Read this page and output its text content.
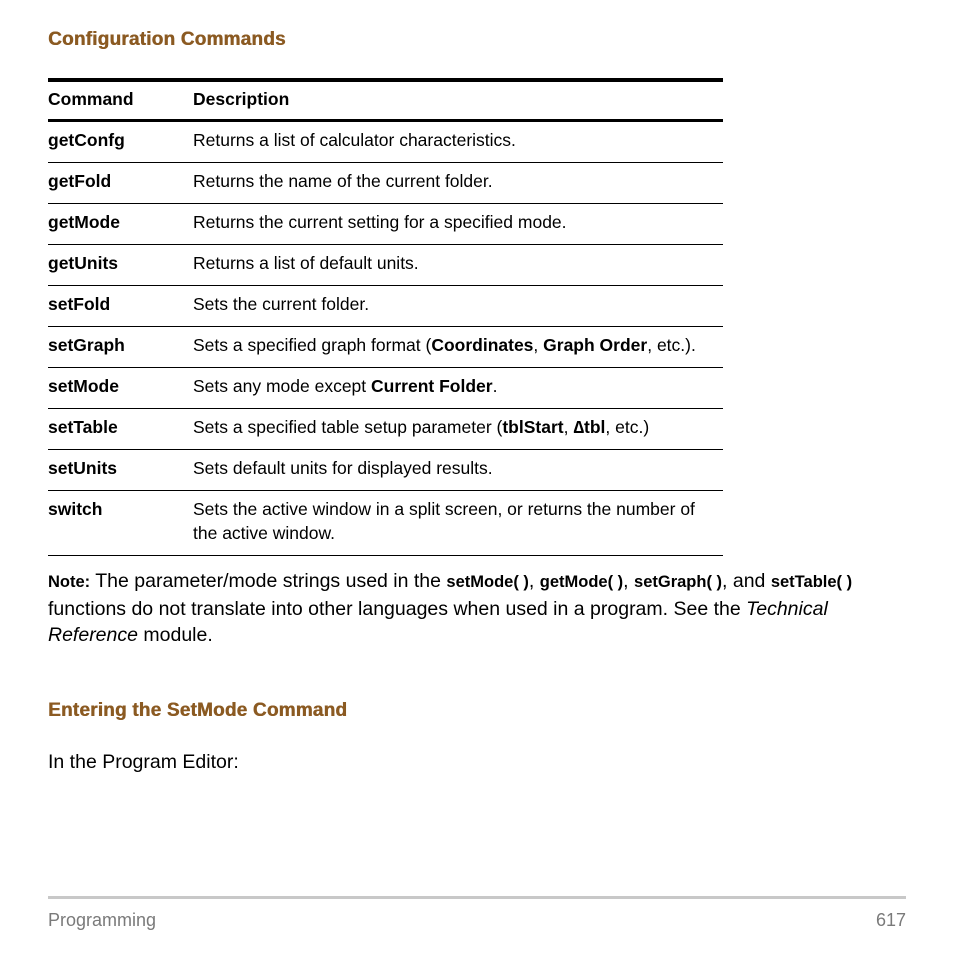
Configuration Commands
Command	Description
getConfg	Returns a list of calculator characteristics.
getFold	Returns the name of the current folder.
getMode	Returns the current setting for a specified mode.
getUnits	Returns a list of default units.
setFold	Sets the current folder.
setGraph	Sets a specified graph format (Coordinates, Graph Order, etc.).
setMode	Sets any mode except Current Folder.
setTable	Sets a specified table setup parameter (tblStart, ∆tbl, etc.)
setUnits	Sets default units for displayed results.
switch	Sets the active window in a split screen, or returns the number of the active window.

Note: The parameter/mode strings used in the setMode( ), getMode( ), setGraph( ), and setTable( ) functions do not translate into other languages when used in a program. See the Technical Reference module.

Entering the SetMode Command

In the Program Editor:

Programming	617
